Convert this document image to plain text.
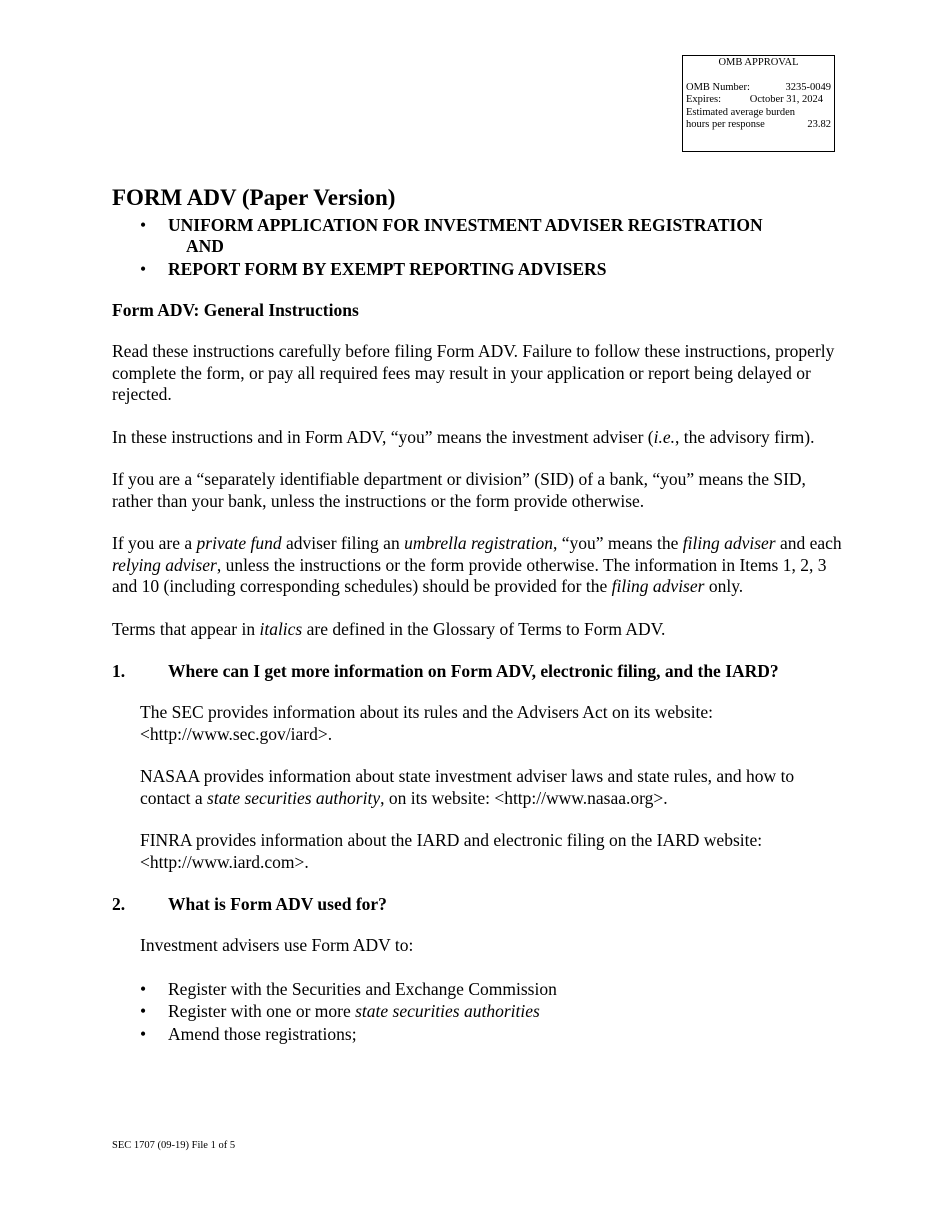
OMB APPROVAL
OMB Number:	3235-0049
Expires:	October 31, 2024
Estimated average burden
hours per response	23.82
FORM ADV (Paper Version)
• UNIFORM APPLICATION FOR INVESTMENT ADVISER REGISTRATION
AND
• REPORT FORM BY EXEMPT REPORTING ADVISERS
Form ADV: General Instructions

Read these instructions carefully before filing Form ADV. Failure to follow these instructions, properly complete the form, or pay all required fees may result in your application or report being delayed or rejected.

In these instructions and in Form ADV, “you” means the investment adviser (i.e., the advisory firm).

If you are a “separately identifiable department or division” (SID) of a bank, “you” means the SID, rather than your bank, unless the instructions or the form provide otherwise.

If you are a private fund adviser filing an umbrella registration, “you” means the filing adviser and each relying adviser, unless the instructions or the form provide otherwise. The information in Items 1, 2, 3 and 10 (including corresponding schedules) should be provided for the filing adviser only.

Terms that appear in italics are defined in the Glossary of Terms to Form ADV.

1. Where can I get more information on Form ADV, electronic filing, and the IARD?

The SEC provides information about its rules and the Advisers Act on its website: <http://www.sec.gov/iard>.

NASAA provides information about state investment adviser laws and state rules, and how to contact a state securities authority, on its website: <http://www.nasaa.org>.

FINRA provides information about the IARD and electronic filing on the IARD website: <http://www.iard.com>.

2. What is Form ADV used for?

Investment advisers use Form ADV to:

• Register with the Securities and Exchange Commission
• Register with one or more state securities authorities
• Amend those registrations;
SEC 1707 (09-19) File 1 of 5
